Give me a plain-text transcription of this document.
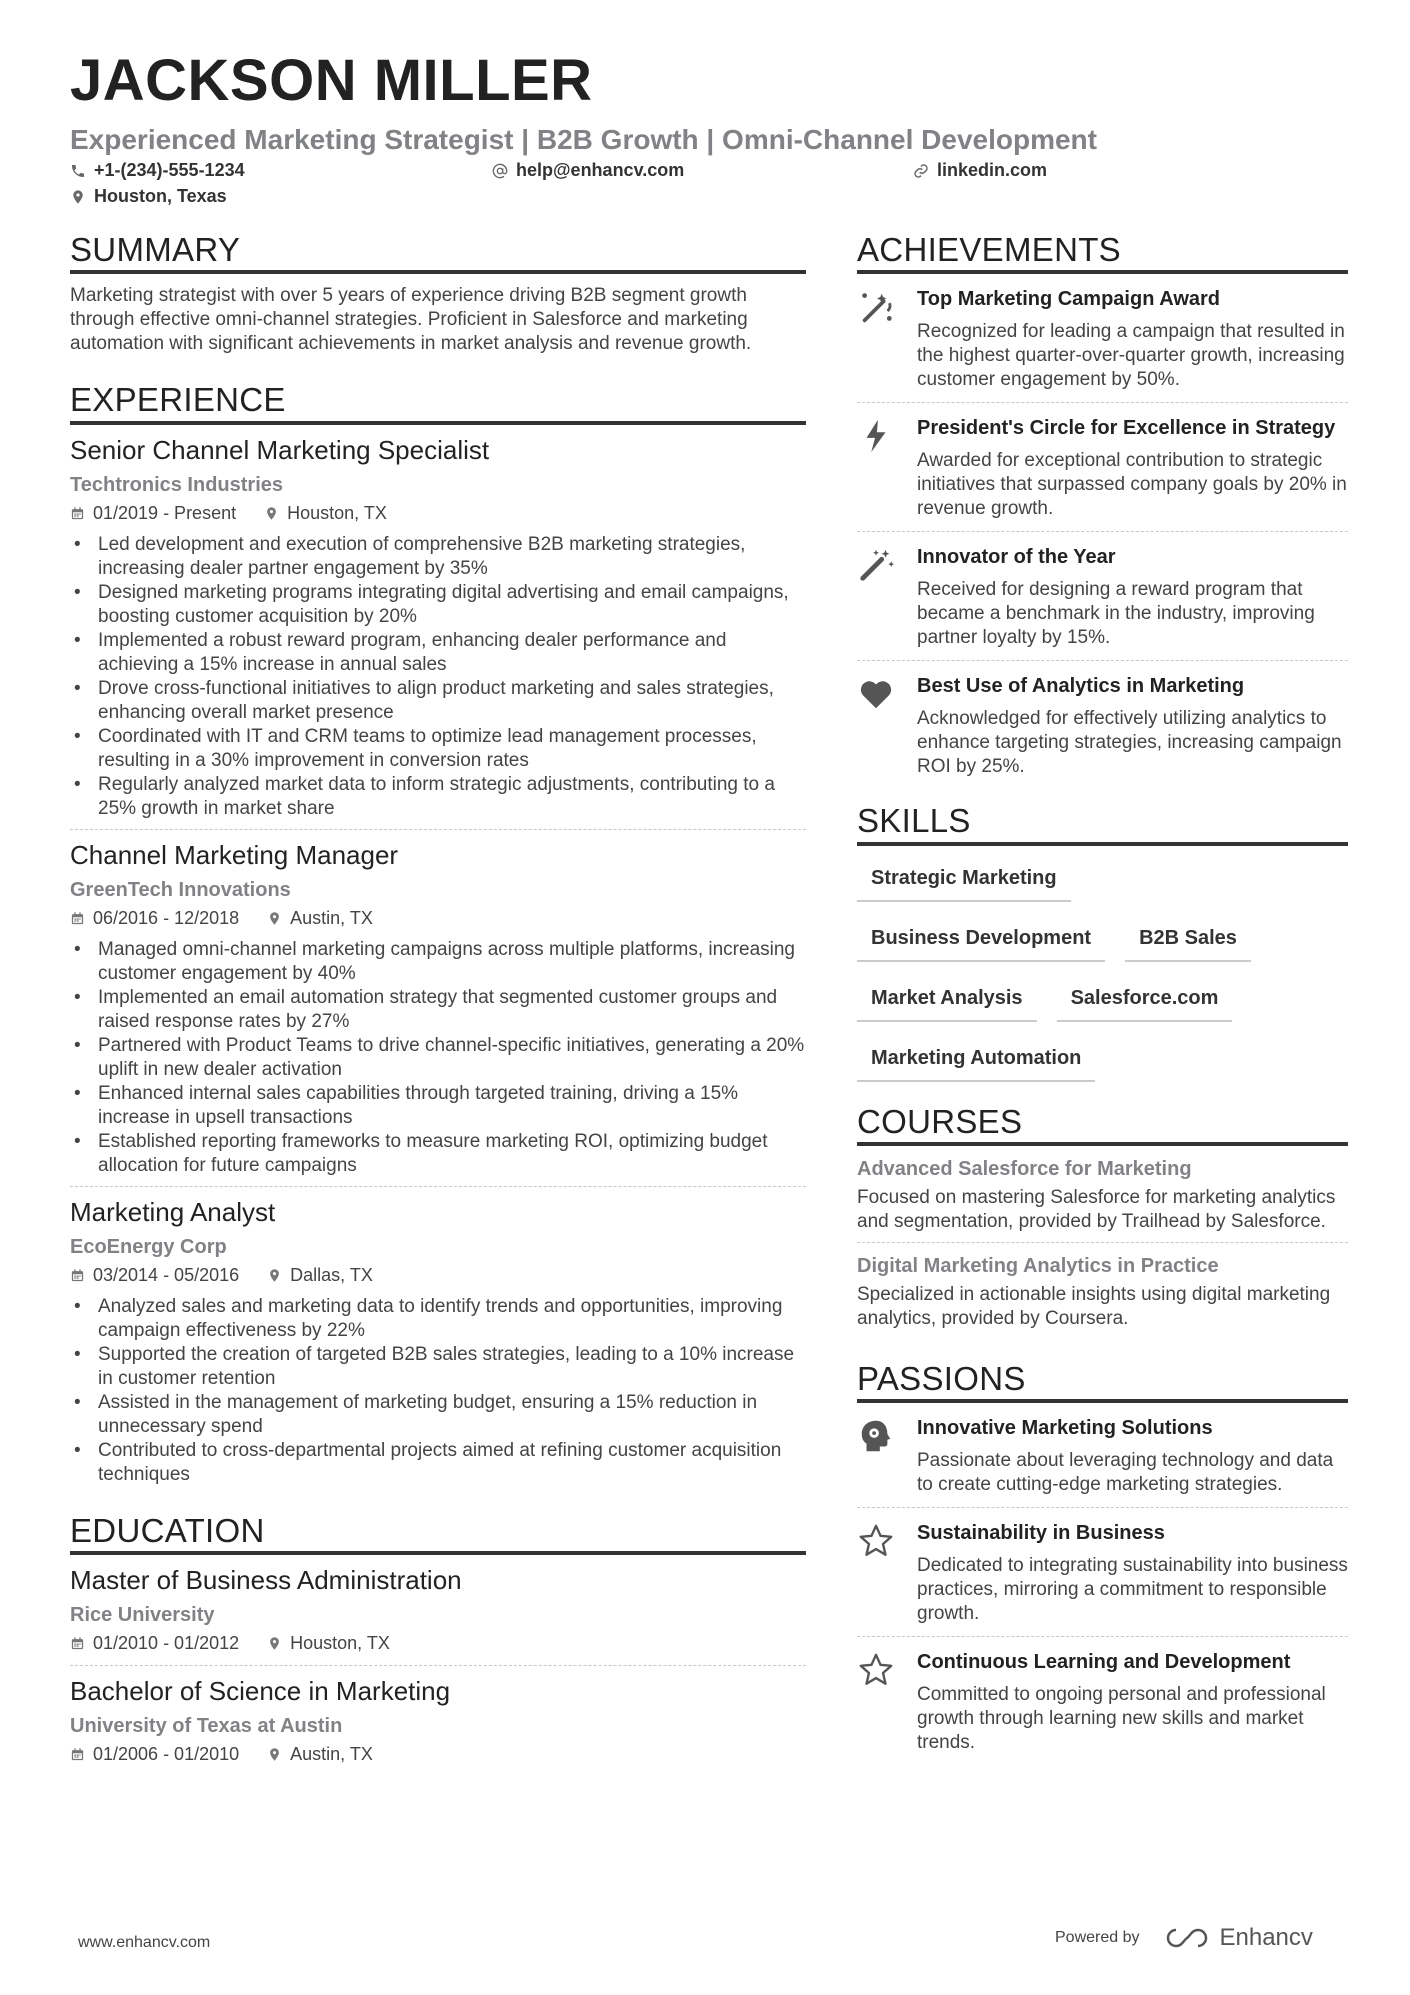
JACKSON MILLER
Experienced Marketing Strategist | B2B Growth | Omni-Channel Development
+1-(234)-555-1234	help@enhancv.com	linkedin.com
Houston, Texas
SUMMARY

Marketing strategist with over 5 years of experience driving B2B segment growth through effective omni-channel strategies. Proficient in Salesforce and marketing automation with significant achievements in market analysis and revenue growth.

EXPERIENCE
Senior Channel Marketing Specialist
Techtronics Industries
01/2019 - Present	Houston, TX
• Led development and execution of comprehensive B2B marketing strategies, increasing dealer partner engagement by 35%
• Designed marketing programs integrating digital advertising and email campaigns, boosting customer acquisition by 20%
• Implemented a robust reward program, enhancing dealer performance and achieving a 15% increase in annual sales
• Drove cross-functional initiatives to align product marketing and sales strategies, enhancing overall market presence
• Coordinated with IT and CRM teams to optimize lead management processes, resulting in a 30% improvement in conversion rates
• Regularly analyzed market data to inform strategic adjustments, contributing to a 25% growth in market share
Channel Marketing Manager
GreenTech Innovations
06/2016 - 12/2018	Austin, TX
• Managed omni-channel marketing campaigns across multiple platforms, increasing customer engagement by 40%
• Implemented an email automation strategy that segmented customer groups and raised response rates by 27%
• Partnered with Product Teams to drive channel-specific initiatives, generating a 20% uplift in new dealer activation
• Enhanced internal sales capabilities through targeted training, driving a 15% increase in upsell transactions
• Established reporting frameworks to measure marketing ROI, optimizing budget allocation for future campaigns
Marketing Analyst
EcoEnergy Corp
03/2014 - 05/2016	Dallas, TX
• Analyzed sales and marketing data to identify trends and opportunities, improving campaign effectiveness by 22%
• Supported the creation of targeted B2B sales strategies, leading to a 10% increase in customer retention
• Assisted in the management of marketing budget, ensuring a 15% reduction in unnecessary spend
• Contributed to cross-departmental projects aimed at refining customer acquisition techniques
EDUCATION
Master of Business Administration
Rice University
01/2010 - 01/2012	Houston, TX
Bachelor of Science in Marketing
University of Texas at Austin
01/2006 - 01/2010	Austin, TX
ACHIEVEMENTS
Top Marketing Campaign Award
Recognized for leading a campaign that resulted in the highest quarter-over-quarter growth, increasing customer engagement by 50%.
President's Circle for Excellence in Strategy
Awarded for exceptional contribution to strategic initiatives that surpassed company goals by 20% in revenue growth.
Innovator of the Year
Received for designing a reward program that became a benchmark in the industry, improving partner loyalty by 15%.
Best Use of Analytics in Marketing
Acknowledged for effectively utilizing analytics to enhance targeting strategies, increasing campaign ROI by 25%.
SKILLS
Strategic Marketing
Business Development	B2B Sales
Market Analysis	Salesforce.com
Marketing Automation
COURSES
Advanced Salesforce for Marketing
Focused on mastering Salesforce for marketing analytics and segmentation, provided by Trailhead by Salesforce.
Digital Marketing Analytics in Practice
Specialized in actionable insights using digital marketing analytics, provided by Coursera.
PASSIONS
Innovative Marketing Solutions
Passionate about leveraging technology and data to create cutting-edge marketing strategies.
Sustainability in Business
Dedicated to integrating sustainability into business practices, mirroring a commitment to responsible growth.
Continuous Learning and Development
Committed to ongoing personal and professional growth through learning new skills and market trends.
www.enhancv.com	Powered by	Enhancv
